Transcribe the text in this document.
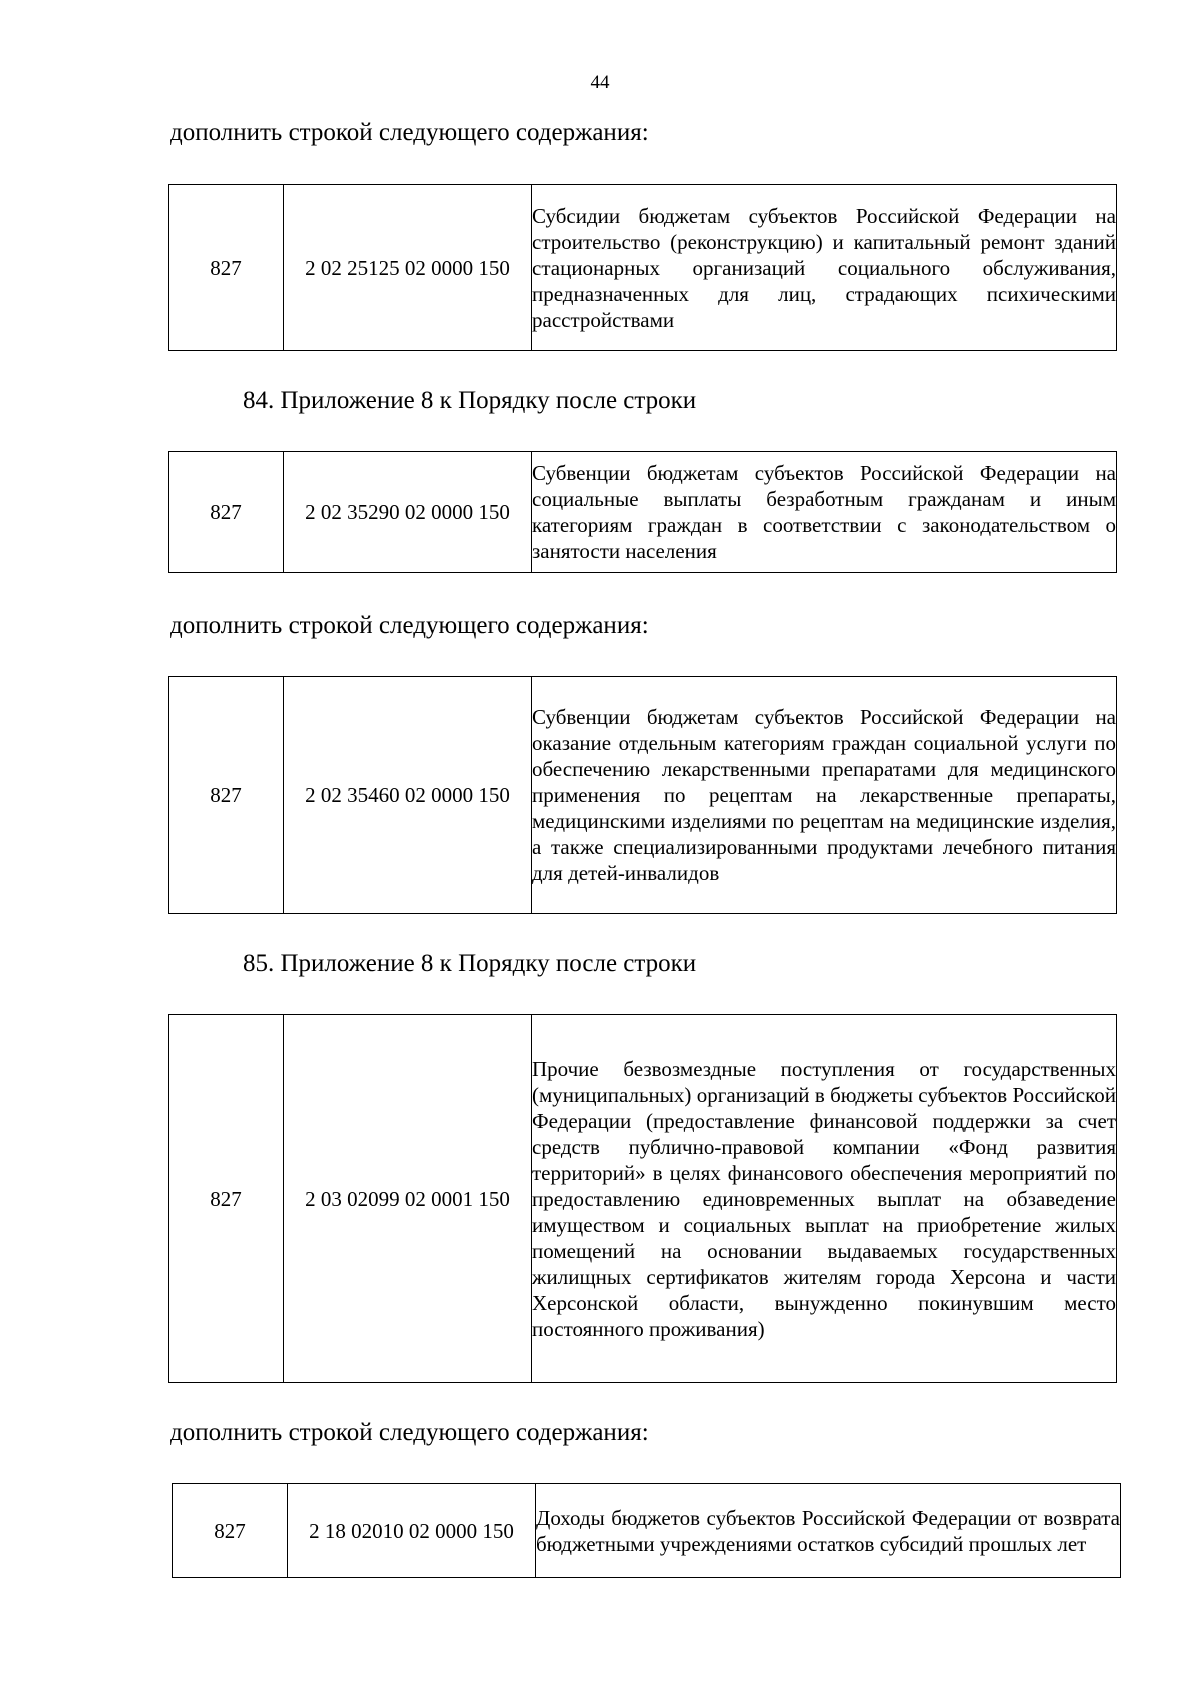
44
дополнить строкой следующего содержания:
827	2 02 25125 02 0000 150	Субсидии бюджетам субъектов Российской Федерации на строительство (реконструкцию) и капитальный ремонт зданий стационарных организаций социального обслуживания, предназначенных для лиц, страдающих психическими расстройствами
84. Приложение 8 к Порядку после строки
827	2 02 35290 02 0000 150	Субвенции бюджетам субъектов Российской Федерации на социальные выплаты безработным гражданам и иным категориям граждан в соответствии с законодательством о занятости населения
дополнить строкой следующего содержания:
827	2 02 35460 02 0000 150	Субвенции бюджетам субъектов Российской Федерации на оказание отдельным категориям граждан социальной услуги по обеспечению лекарственными препаратами для медицинского применения по рецептам на лекарственные препараты, медицинскими изделиями по рецептам на медицинские изделия, а также специализированными продуктами лечебного питания для детей-инвалидов
85. Приложение 8 к Порядку после строки
827	2 03 02099 02 0001 150	Прочие безвозмездные поступления от государственных (муниципальных) организаций в бюджеты субъектов Российской Федерации (предоставление финансовой поддержки за счет средств публично-правовой компании «Фонд развития территорий» в целях финансового обеспечения мероприятий по предоставлению единовременных выплат на обзаведение имуществом и социальных выплат на приобретение жилых помещений на основании выдаваемых государственных жилищных сертификатов жителям города Херсона и части Херсонской области, вынужденно покинувшим место постоянного проживания)
дополнить строкой следующего содержания:
827	2 18 02010 02 0000 150	Доходы бюджетов субъектов Российской Федерации от возврата бюджетными учреждениями остатков субсидий прошлых лет
